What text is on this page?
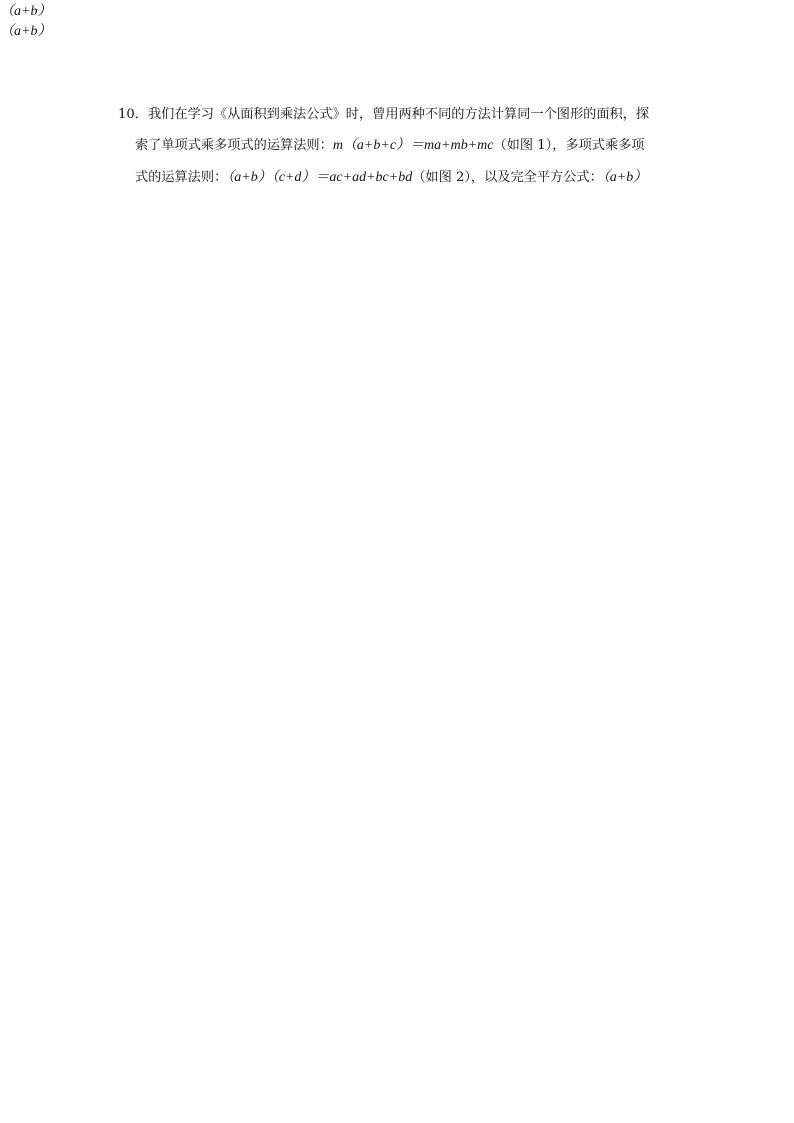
10．我们在学习《从面积到乘法公式》时，曾用两种不同的方法计算同一个图形的面积，探
索了单项式乘多项式的运算法则：m（a+b+c）＝ma+mb+mc（如图 1），多项式乘多项
式的运算法则：（a+b）（c+d）＝ac+ad+bc+bd（如图 2），以及完全平方公式：（a+b）
（a+b）
（a+b）
